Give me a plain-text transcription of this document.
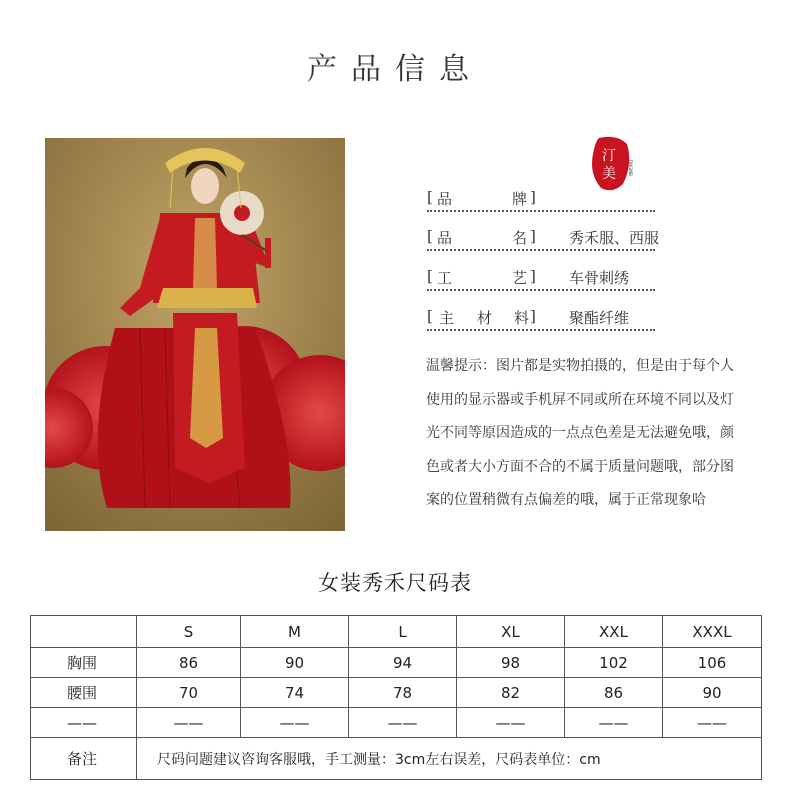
产品信息
汀
美	TINGMEI
[ 品	牌 ]
[ 品	名 ] 秀禾服、西服
[ 工	艺 ] 车骨刺绣
[ 主 材 料 ] 聚酯纤维
温馨提示：图片都是实物拍摄的，但是由于每个人
使用的显示器或手机屏不同或所在环境不同以及灯
光不同等原因造成的一点点色差是无法避免哦，颜
色或者大小方面不合的不属于质量问题哦，部分图
案的位置稍微有点偏差的哦，属于正常现象哈
女装秀禾尺码表
	S	M	L	XL	XXL	XXXL
胸围	86	90	94	98	102	106
腰围	70	74	78	82	86	90
——	——	——	——	——	——	——
备注	尺码问题建议咨询客服哦，手工测量：3cm左右误差，尺码表单位：cm					
